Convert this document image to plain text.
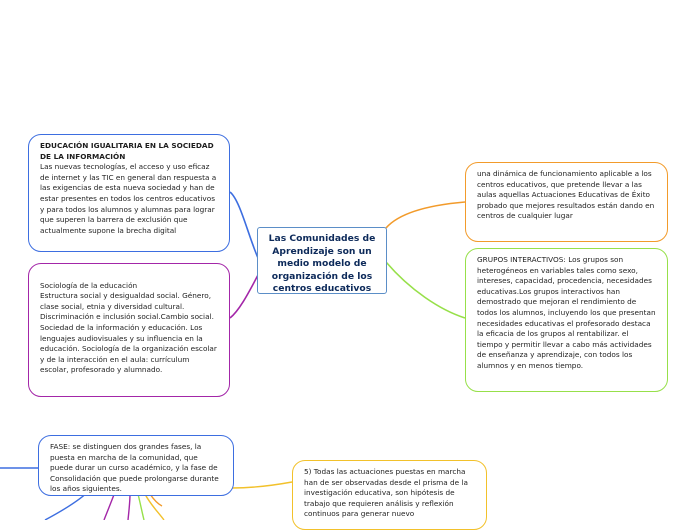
Las Comunidades de Aprendizaje son un medio modelo de organización de los centros educativos
EDUCACIÓN IGUALITARIA EN LA SOCIEDAD DE LA INFORMACIÓN
Las nuevas tecnologías, el acceso y uso eficaz de internet y las TIC en general dan respuesta a las exigencias de esta nueva sociedad y han de estar presentes en todos los centros educativos y para todos los alumnos y alumnas para lograr que superen la barrera de exclusión que actualmente supone la brecha digital

Sociología de la educación
Estructura social y desigualdad social. Género, clase social, etnia y diversidad cultural. Discriminación e inclusión social.Cambio social. Sociedad de la información y educación. Los lenguajes audiovisuales y su influencia en la educación. Sociología de la organización escolar y de la interacción en el aula: currículum escolar, profesorado y alumnado.

una dinámica de funcionamiento aplicable a los centros educativos, que pretende llevar a las aulas aquellas Actuaciones Educativas de Éxito probado que mejores resultados están dando en centros de cualquier lugar
GRUPOS INTERACTIVOS: Los grupos son heterogéneos en variables tales como sexo, intereses, capacidad, procedencia, necesidades educativas.Los grupos interactivos han demostrado que mejoran el rendimiento de todos los alumnos, incluyendo los que presentan necesidades educativas el profesorado destaca la eficacia de los grupos al rentabilizar. el tiempo y permitir llevar a cabo más actividades de enseñanza y aprendizaje, con todos los alumnos y en menos tiempo.
FASE: se distinguen dos grandes fases, la puesta en marcha de la comunidad, que puede durar un curso académico, y la fase de Consolidación que puede prolongarse durante los años siguientes.
5) Todas las actuaciones puestas en marcha han de ser observadas desde el prisma de la investigación educativa, son hipótesis de trabajo que requieren análisis y reflexión continuos para generar nuevo
